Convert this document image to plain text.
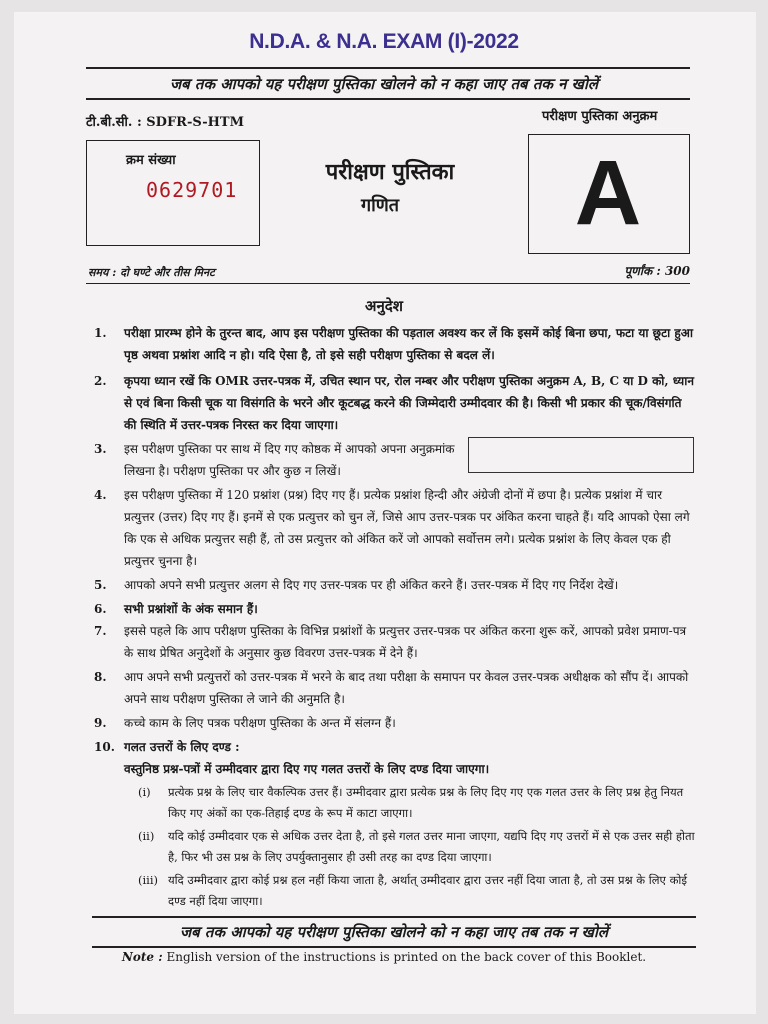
N.D.A. & N.A. EXAM (I)-2022
जब तक आपको यह परीक्षण पुस्तिका खोलने को न कहा जाए तब तक न खोलें
टी.बी.सी. : SDFR-S-HTM	परीक्षण पुस्तिका अनुक्रम
क्रम संख्या
0629701
परीक्षण पुस्तिका
गणित	A
समय : दो घण्टे और तीस मिनट	पूर्णांक : 300
अनुदेश
1.	परीक्षा प्रारम्भ होने के तुरन्त बाद, आप इस परीक्षण पुस्तिका की पड़ताल अवश्य कर लें कि इसमें कोई बिना छपा, फटा या छूटा हुआ पृष्ठ अथवा प्रश्नांश आदि न हो। यदि ऐसा है, तो इसे सही परीक्षण पुस्तिका से बदल लें।
2.	कृपया ध्यान रखें कि OMR उत्तर-पत्रक में, उचित स्थान पर, रोल नम्बर और परीक्षण पुस्तिका अनुक्रम A, B, C या D को, ध्यान से एवं बिना किसी चूक या विसंगति के भरने और कूटबद्ध करने की जिम्मेदारी उम्मीदवार की है। किसी भी प्रकार की चूक/विसंगति की स्थिति में उत्तर-पत्रक निरस्त कर दिया जाएगा।
3.	इस परीक्षण पुस्तिका पर साथ में दिए गए कोष्ठक में आपको अपना अनुक्रमांक लिखना है। परीक्षण पुस्तिका पर और कुछ न लिखें।
4.	इस परीक्षण पुस्तिका में 120 प्रश्नांश (प्रश्न) दिए गए हैं। प्रत्येक प्रश्नांश हिन्दी और अंग्रेजी दोनों में छपा है। प्रत्येक प्रश्नांश में चार प्रत्युत्तर (उत्तर) दिए गए हैं। इनमें से एक प्रत्युत्तर को चुन लें, जिसे आप उत्तर-पत्रक पर अंकित करना चाहते हैं। यदि आपको ऐसा लगे कि एक से अधिक प्रत्युत्तर सही हैं, तो उस प्रत्युत्तर को अंकित करें जो आपको सर्वोत्तम लगे। प्रत्येक प्रश्नांश के लिए केवल एक ही प्रत्युत्तर चुनना है।
5.	आपको अपने सभी प्रत्युत्तर अलग से दिए गए उत्तर-पत्रक पर ही अंकित करने हैं। उत्तर-पत्रक में दिए गए निर्देश देखें।
6.	सभी प्रश्नांशों के अंक समान हैं।
7.	इससे पहले कि आप परीक्षण पुस्तिका के विभिन्न प्रश्नांशों के प्रत्युत्तर उत्तर-पत्रक पर अंकित करना शुरू करें, आपको प्रवेश प्रमाण-पत्र के साथ प्रेषित अनुदेशों के अनुसार कुछ विवरण उत्तर-पत्रक में देने हैं।
8.	आप अपने सभी प्रत्युत्तरों को उत्तर-पत्रक में भरने के बाद तथा परीक्षा के समापन पर केवल उत्तर-पत्रक अधीक्षक को सौंप दें। आपको अपने साथ परीक्षण पुस्तिका ले जाने की अनुमति है।
9.	कच्चे काम के लिए पत्रक परीक्षण पुस्तिका के अन्त में संलग्न हैं।
10. गलत उत्तरों के लिए दण्ड :
वस्तुनिष्ठ प्रश्न-पत्रों में उम्मीदवार द्वारा दिए गए गलत उत्तरों के लिए दण्ड दिया जाएगा।
(i)	प्रत्येक प्रश्न के लिए चार वैकल्पिक उत्तर हैं। उम्मीदवार द्वारा प्रत्येक प्रश्न के लिए दिए गए एक गलत उत्तर के लिए प्रश्न हेतु नियत किए गए अंकों का एक-तिहाई दण्ड के रूप में काटा जाएगा।
(ii)	यदि कोई उम्मीदवार एक से अधिक उत्तर देता है, तो इसे गलत उत्तर माना जाएगा, यद्यपि दिए गए उत्तरों में से एक उत्तर सही होता है, फिर भी उस प्रश्न के लिए उपर्युक्तानुसार ही उसी तरह का दण्ड दिया जाएगा।
(iii) यदि उम्मीदवार द्वारा कोई प्रश्न हल नहीं किया जाता है, अर्थात् उम्मीदवार द्वारा उत्तर नहीं दिया जाता है, तो उस प्रश्न के लिए कोई दण्ड नहीं दिया जाएगा।
जब तक आपको यह परीक्षण पुस्तिका खोलने को न कहा जाए तब तक न खोलें
Note : English version of the instructions is printed on the back cover of this Booklet.
